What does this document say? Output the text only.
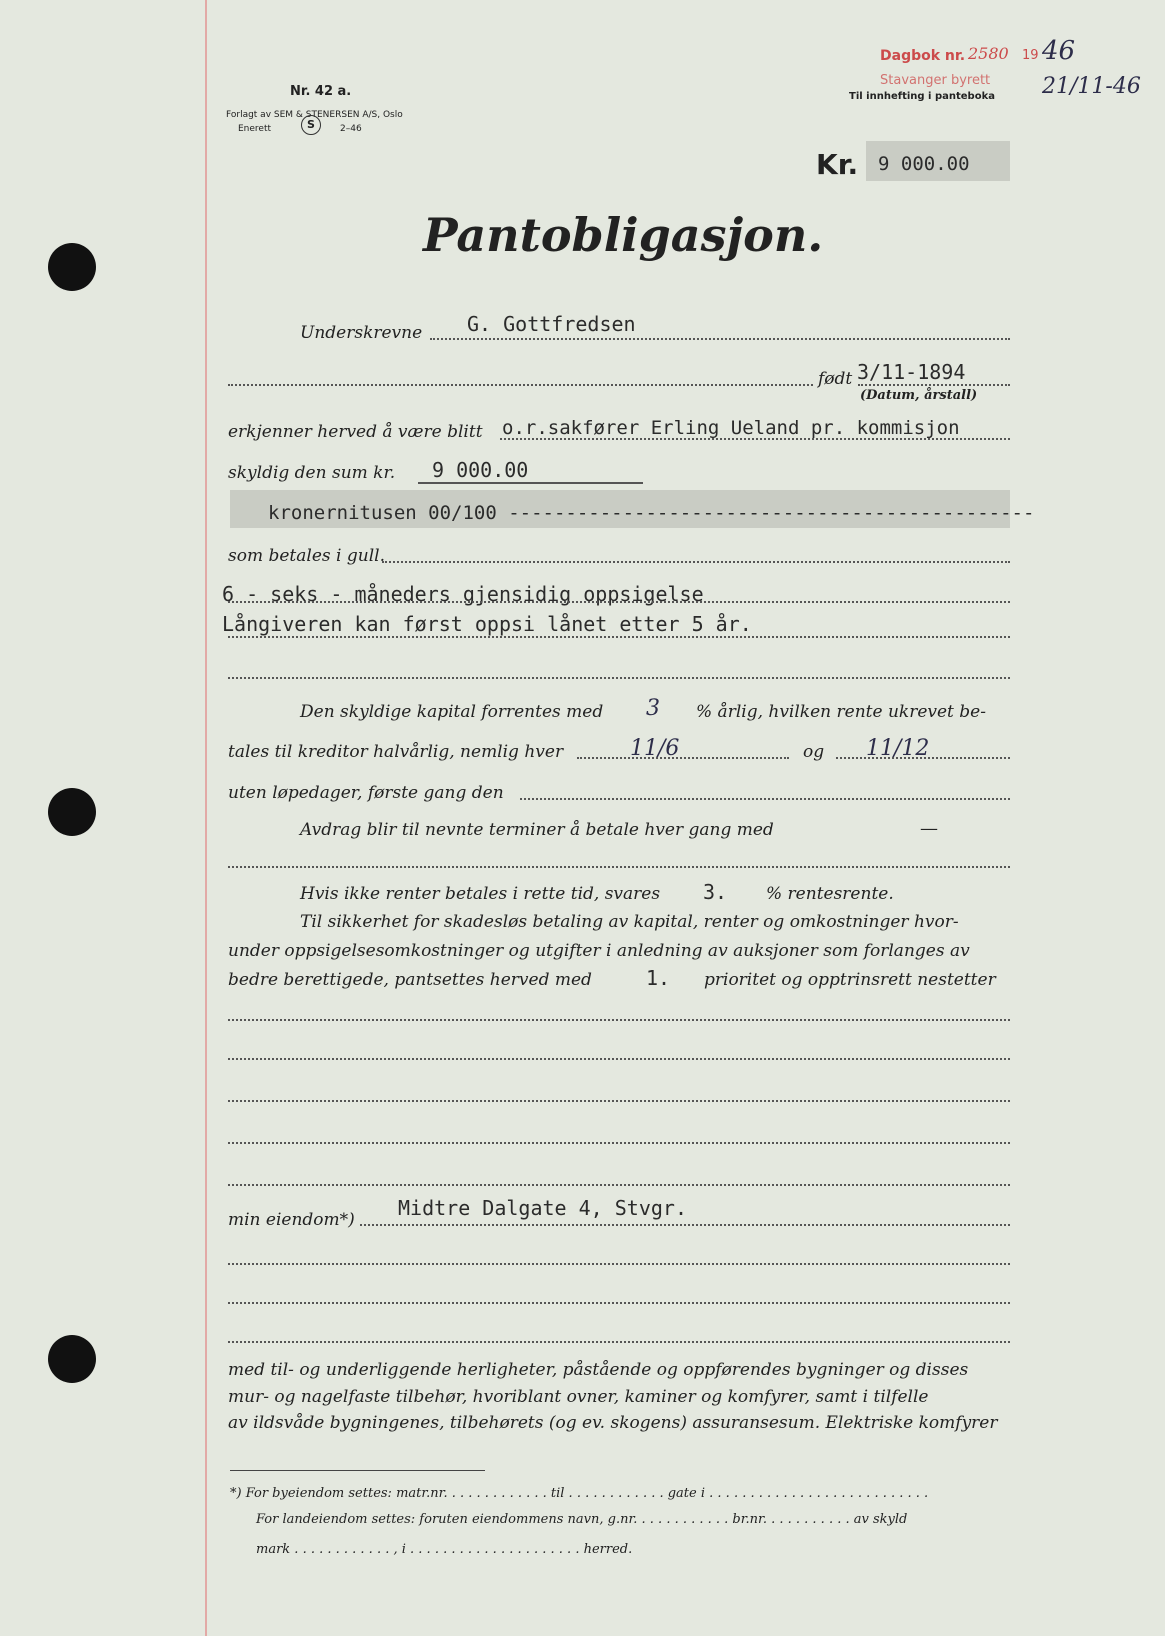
Nr. 42 a.
Forlagt av SEM & STENERSEN A/S, Oslo
Enerett	S	2–46
Dagbok nr. 2580 19 46
Stavanger byrett 21/11-46
Til innhefting i panteboka
Kr. 9 000.00
Pantobligasjon.
Underskrevne G. Gottfredsen
født 3/11-1894
(Datum, årstall)
erkjenner herved å være blitt o.r.sakfører Erling Ueland pr. kommisjon
skyldig den sum kr. 9 000.00
kronernitusen 00/100 ----------------------------------------------
som betales i gull.
6 - seks - måneders gjensidig oppsigelse
Långiveren kan først oppsi lånet etter 5 år.
Den skyldige kapital forrentes med 3 % årlig, hvilken rente ukrevet be-
tales til kreditor halvårlig, nemlig hver	11/6	og 11/12
uten løpedager, første gang den
Avdrag blir til nevnte terminer å betale hver gang med	—
Hvis ikke renter betales i rette tid, svares 3. % rentesrente.
Til sikkerhet for skadesløs betaling av kapital, renter og omkostninger hvor-
under oppsigelsesomkostninger og utgifter i anledning av auksjoner som forlanges av
bedre berettigede, pantsettes herved med	1. prioritet og opptrinsrett nestetter
min eiendom*) Midtre Dalgate 4, Stvgr.
med til- og underliggende herligheter, påstående og oppførendes bygninger og disses
mur- og nagelfaste tilbehør, hvoriblant ovner, kaminer og komfyrer, samt i tilfelle
av ildsvåde bygningenes, tilbehørets (og ev. skogens) assuransesum. Elektriske komfyrer
*) For byeiendom settes: matr.nr. . . . . . . . . . . . . til . . . . . . . . . . . . gate i . . . . . . . . . . . . . . . . . . . . . . . . . . .
For landeiendom settes: foruten eiendommens navn, g.nr. . . . . . . . . . . . br.nr. . . . . . . . . . . av skyld
mark . . . . . . . . . . . . , i . . . . . . . . . . . . . . . . . . . . . herred.
